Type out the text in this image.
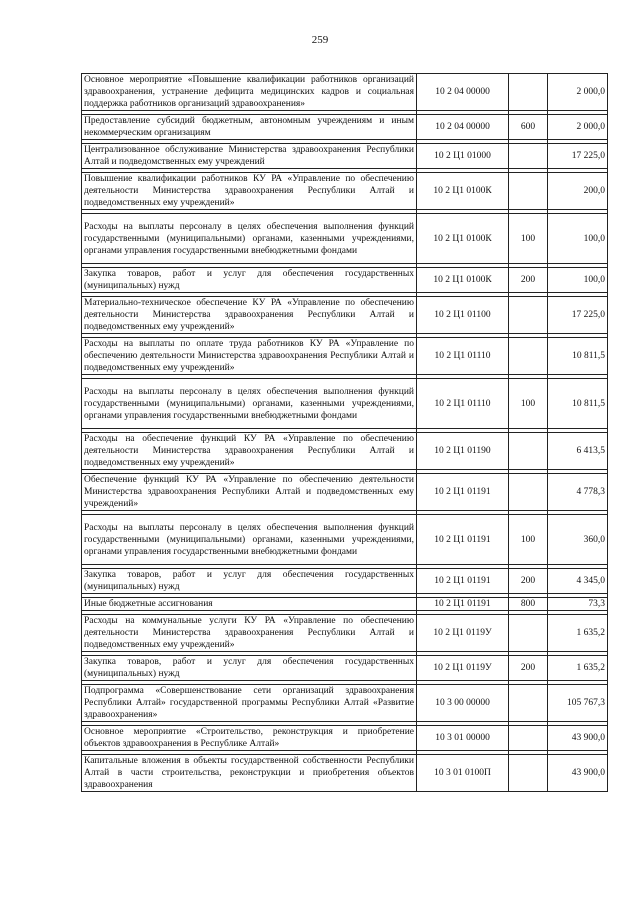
259
Основное мероприятие «Повышение квалификации работников организаций здравоохранения, устранение дефицита медицинских кадров и социальная поддержка работников организаций здравоохранения»	10 2 04 00000		2 000,0

Предоставление субсидий бюджетным, автономным учреждениям и иным некоммерческим организациям	10 2 04 00000	600	2 000,0

Централизованное обслуживание Министерства здравоохранения Республики Алтай и подведомственных ему учреждений	10 2 Ц1 01000		17 225,0

Повышение квалификации работников КУ РА «Управление по обеспечению деятельности Министерства здравоохранения Республики Алтай и подведомственных ему учреждений»	10 2 Ц1 0100К		200,0

Расходы на выплаты персоналу в целях обеспечения выполнения функций государственными (муниципальными) органами, казенными учреждениями, органами управления государственными внебюджетными фондами	10 2 Ц1 0100К	100	100,0

Закупка товаров, работ и услуг для обеспечения государственных (муниципальных) нужд	10 2 Ц1 0100К	200	100,0

Материально-техническое обеспечение КУ РА «Управление по обеспечению деятельности Министерства здравоохранения Республики Алтай и подведомственных ему учреждений»	10 2 Ц1 01100		17 225,0

Расходы на выплаты по оплате труда работников КУ РА «Управление по обеспечению деятельности Министерства здравоохранения Республики Алтай и подведомственных ему учреждений»	10 2 Ц1 01110		10 811,5

Расходы на выплаты персоналу в целях обеспечения выполнения функций государственными (муниципальными) органами, казенными учреждениями, органами управления государственными внебюджетными фондами	10 2 Ц1 01110	100	10 811,5

Расходы на обеспечение функций КУ РА «Управление по обеспечению деятельности Министерства здравоохранения Республики Алтай и подведомственных ему учреждений»	10 2 Ц1 01190		6 413,5

Обеспечение функций КУ РА «Управление по обеспечению деятельности Министерства здравоохранения Республики Алтай и подведомственных ему учреждений»	10 2 Ц1 01191		4 778,3

Расходы на выплаты персоналу в целях обеспечения выполнения функций государственными (муниципальными) органами, казенными учреждениями, органами управления государственными внебюджетными фондами	10 2 Ц1 01191	100	360,0

Закупка товаров, работ и услуг для обеспечения государственных (муниципальных) нужд	10 2 Ц1 01191	200	4 345,0

Иные бюджетные ассигнования	10 2 Ц1 01191	800	73,3

Расходы на коммунальные услуги КУ РА «Управление по обеспечению деятельности Министерства здравоохранения Республики Алтай и подведомственных ему учреждений»	10 2 Ц1 0119У		1 635,2

Закупка товаров, работ и услуг для обеспечения государственных (муниципальных) нужд	10 2 Ц1 0119У	200	1 635,2

Подпрограмма «Совершенствование сети организаций здравоохранения Республики Алтай» государственной программы Республики Алтай «Развитие здравоохранения»	10 3 00 00000		105 767,3

Основное мероприятие «Строительство, реконструкция и приобретение объектов здравоохранения в Республике Алтай»	10 3 01 00000		43 900,0

Капитальные вложения в объекты государственной собственности Республики Алтай в части строительства, реконструкции и приобретения объектов здравоохранения	10 3 01 0100П		43 900,0
